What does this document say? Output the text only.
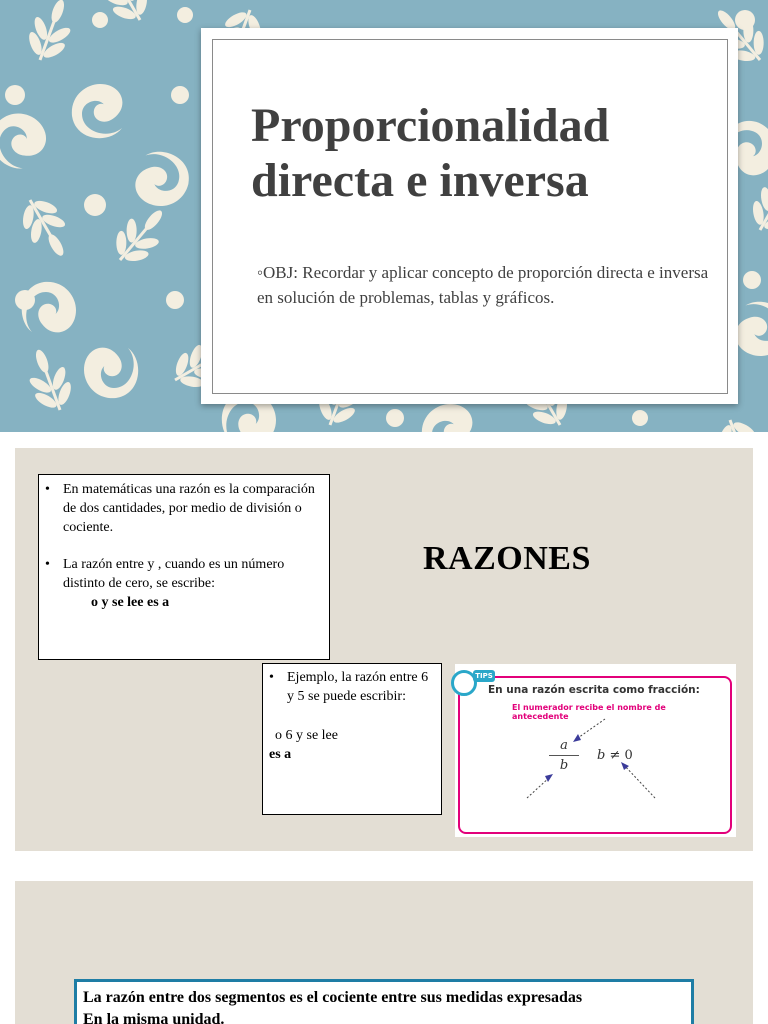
Proporcionalidad
directa e inversa
◦OBJ: Recordar y aplicar concepto de proporción directa e inversa en solución de problemas, tablas y gráficos.
• En matemáticas una razón es la comparación de dos cantidades, por medio de división o cociente.
• La razón entre y , cuando es un número distinto de cero, se escribe:
o y se lee es a
RAZONES
• Ejemplo, la razón entre 6 y 5 se puede escribir:
o 6 y se lee
es a
TIPS
En una razón escrita como fracción:
El numerador recibe el nombre de antecedente
a
b
b ≠ 0
La razón entre dos segmentos es el cociente entre sus medidas expresadas
En la misma unidad.
